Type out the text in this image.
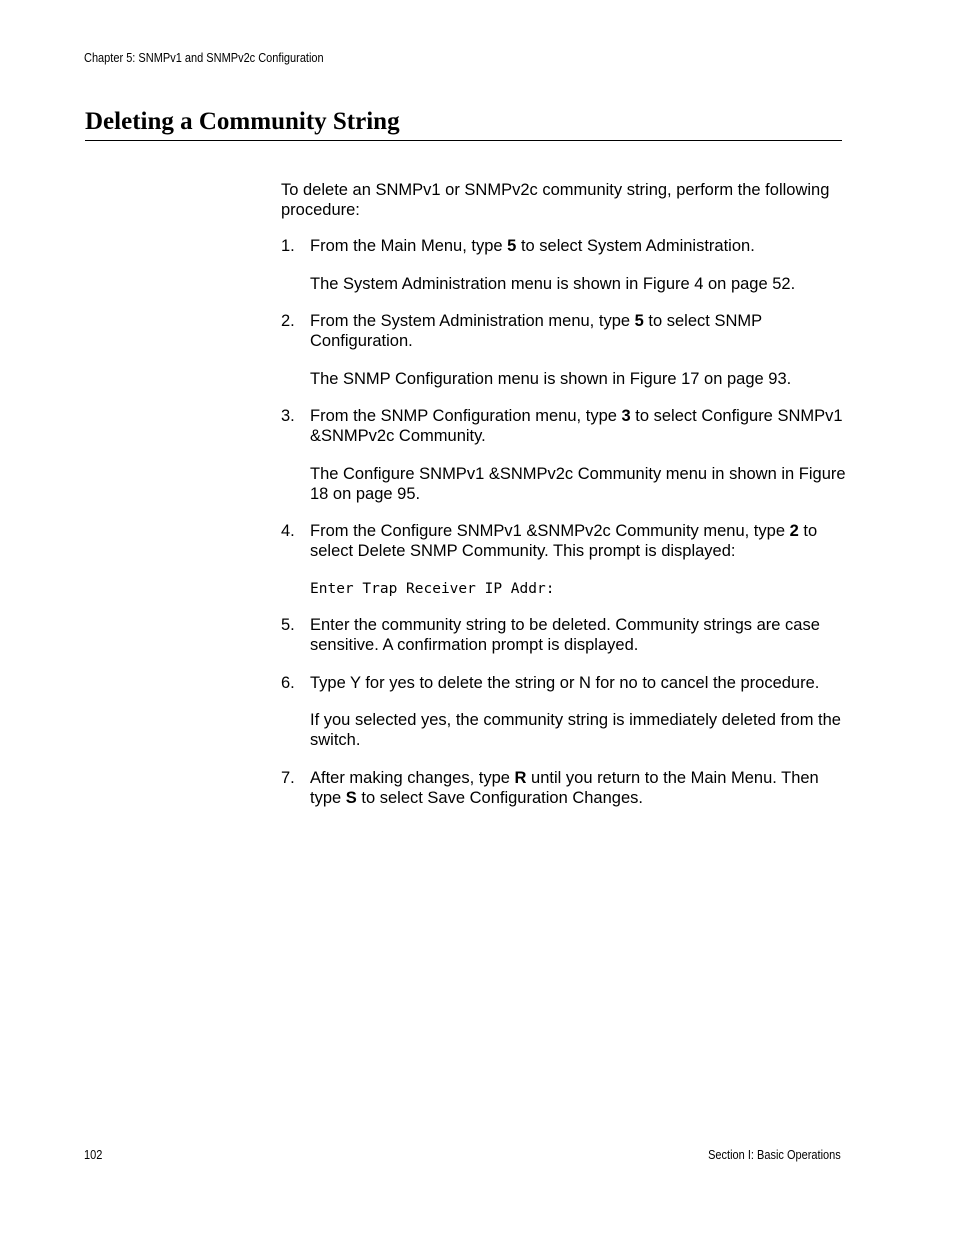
Chapter 5: SNMPv1 and SNMPv2c Configuration
Deleting a Community String

To delete an SNMPv1 or SNMPv2c community string, perform the following procedure:

1. From the Main Menu, type 5 to select System Administration.
The System Administration menu is shown in Figure 4 on page 52.
2. From the System Administration menu, type 5 to select SNMP Configuration.
The SNMP Configuration menu is shown in Figure 17 on page 93.
3. From the SNMP Configuration menu, type 3 to select Configure SNMPv1 &SNMPv2c Community.
The Configure SNMPv1 &SNMPv2c Community menu in shown in Figure 18 on page 95.
4. From the Configure SNMPv1 &SNMPv2c Community menu, type 2 to select Delete SNMP Community. This prompt is displayed:
Enter Trap Receiver IP Addr:
5. Enter the community string to be deleted. Community strings are case sensitive. A confirmation prompt is displayed.
6. Type Y for yes to delete the string or N for no to cancel the procedure.
If you selected yes, the community string is immediately deleted from the switch.
7. After making changes, type R until you return to the Main Menu. Then type S to select Save Configuration Changes.
102	Section I: Basic Operations
